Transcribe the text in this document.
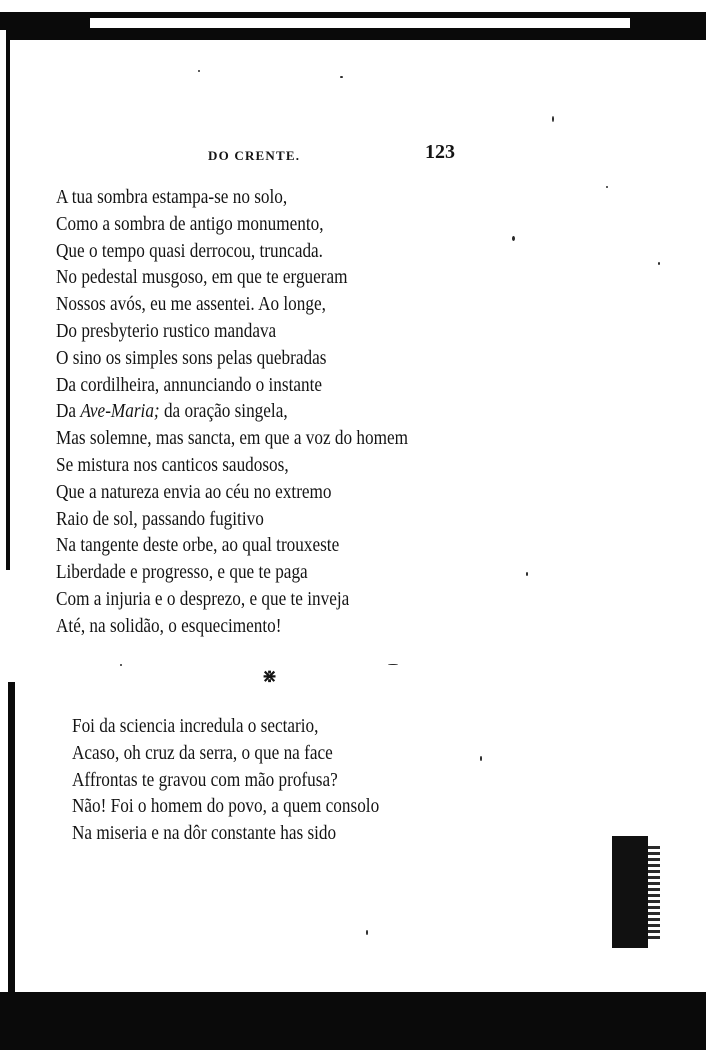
DO CRENTE.	123
A tua sombra estampa-se no solo,
Como a sombra de antigo monumento,
Que o tempo quasi derrocou, truncada.
No pedestal musgoso, em que te ergueram
Nossos avós, eu me assentei. Ao longe,
Do presbyterio rustico mandava
O sino os simples sons pelas quebradas
Da cordilheira, annunciando o instante
Da Ave-Maria; da oração singela,
Mas solemne, mas sancta, em que a voz do homem
Se mistura nos canticos saudosos,
Que a natureza envia ao céu no extremo
Raio de sol, passando fugitivo
Na tangente deste orbe, ao qual trouxeste
Liberdade e progresso, e que te paga
Com a injuria e o desprezo, e que te inveja
Até, na solidão, o esquecimento!
⋇
Foi da sciencia incredula o sectario,
Acaso, oh cruz da serra, o que na face
Affrontas te gravou com mão profusa?
Não! Foi o homem do povo, a quem consolo
Na miseria e na dôr constante has sido
